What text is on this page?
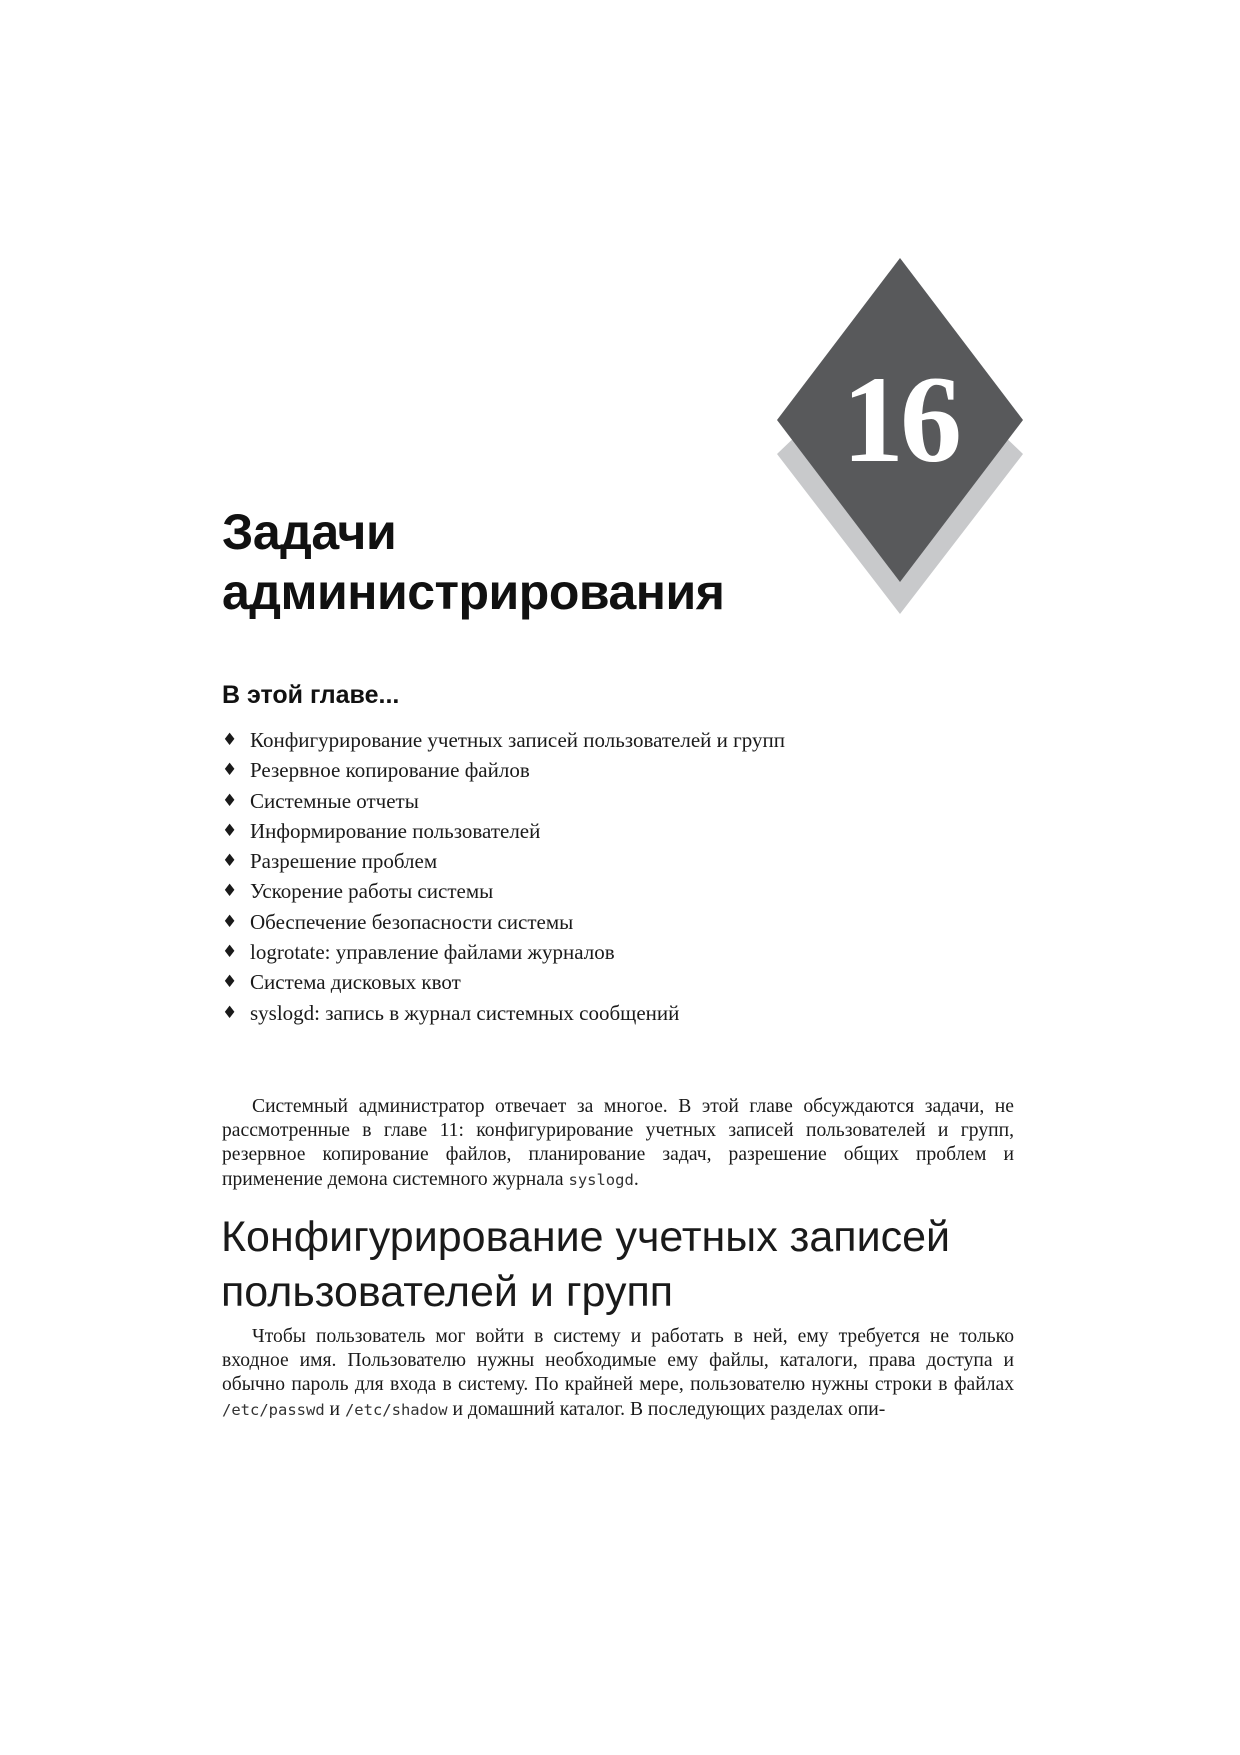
16
Задачи
администрирования
В этой главе...
♦ Конфигурирование учетных записей пользователей и групп
♦ Резервное копирование файлов
♦ Системные отчеты
♦ Информирование пользователей
♦ Разрешение проблем
♦ Ускорение работы системы
♦ Обеспечение безопасности системы
♦ logrotate: управление файлами журналов
♦ Система дисковых квот
♦ syslogd: запись в журнал системных сообщений

Системный администратор отвечает за многое. В этой главе обсуждаются задачи, не рассмотренные в главе 11: конфигурирование учетных записей пользователей и групп, резервное копирование файлов, планирование задач, разрешение общих проблем и применение демона системного журнала syslogd.

Конфигурирование учетных записей
пользователей и групп

Чтобы пользователь мог войти в систему и работать в ней, ему требуется не только входное имя. Пользователю нужны необходимые ему файлы, каталоги, права доступа и обычно пароль для входа в систему. По крайней мере, пользователю нужны строки в файлах /etc/passwd и /etc/shadow и домашний каталог. В последующих разделах опи-
